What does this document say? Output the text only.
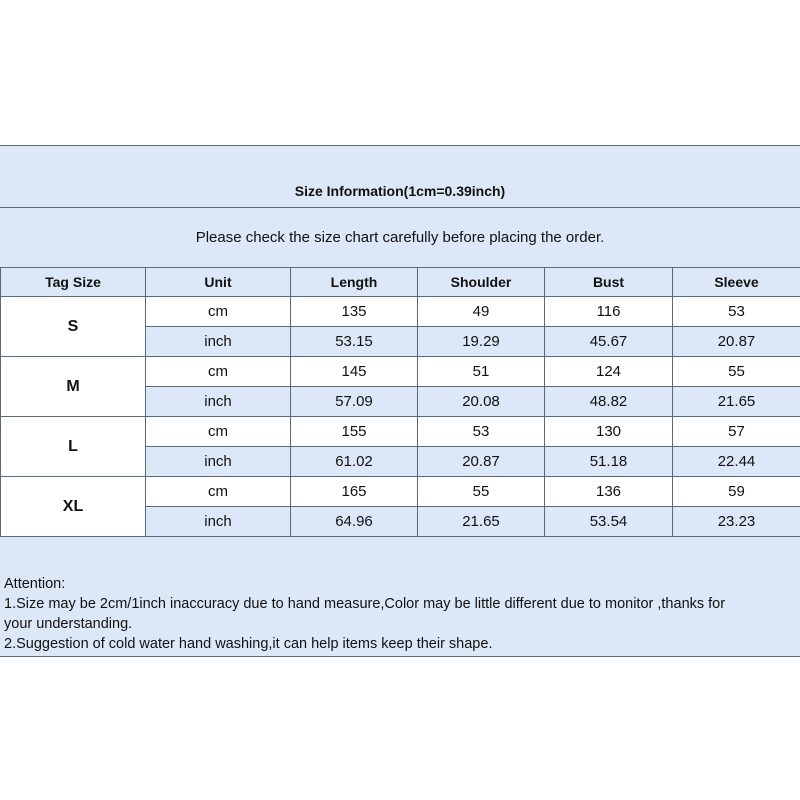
Size Information(1cm=0.39inch)
Please check the size chart carefully before placing the order.
Tag Size	Unit	Length	Shoulder	Bust	Sleeve
S	cm	135	49	116	53
	inch	53.15	19.29	45.67	20.87
M	cm	145	51	124	55
	inch	57.09	20.08	48.82	21.65
L	cm	155	53	130	57
	inch	61.02	20.87	51.18	22.44
XL	cm	165	55	136	59
	inch	64.96	21.65	53.54	23.23
Attention:
1.Size may be 2cm/1inch inaccuracy due to hand measure,Color may be little different due to monitor ,thanks for
your understanding.
2.Suggestion of cold water hand washing,it can help items keep their shape.
